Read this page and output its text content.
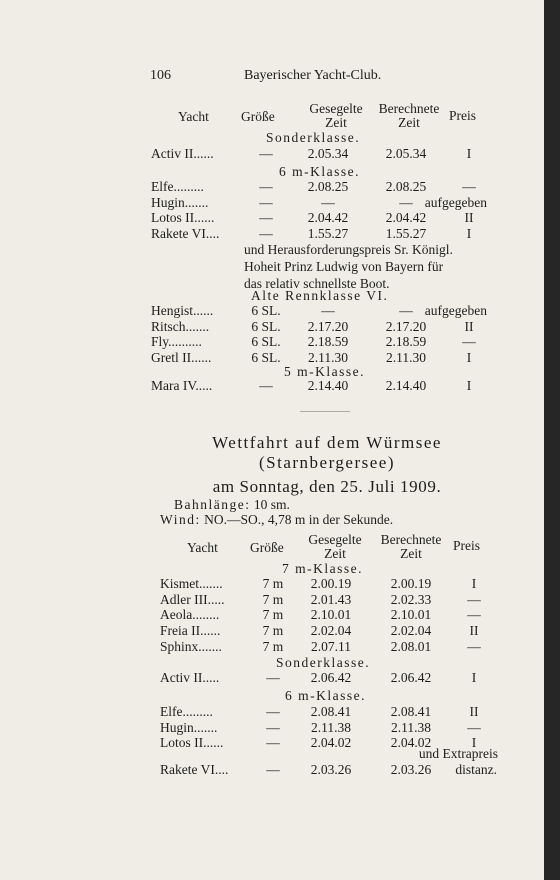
106	Bayerischer Yacht-Club.
Yacht Größe
Gesegelte
Zeit
Berechnete
Zeit	Preis
Sonderklasse.
Activ II......	—	2.05.34	2.05.34	I
6 m-Klasse.
Elfe.........	—	2.08.25	2.08.25	—
Hugin.......	—	—	— aufgegeben
Lotos II......	—	2.04.42	2.04.42	II
Rakete VI....	—	1.55.27	1.55.27	I
und Herausforderungspreis Sr. Königl.
Hoheit Prinz Ludwig von Bayern für
das relativ schnellste Boot.
Alte Rennklasse VI.
Hengist......	6 SL.	—	— aufgegeben
Ritsch.......	6 SL. 2.17.20	2.17.20	II
Fly..........	6 SL. 2.18.59	2.18.59	—
Gretl II......	6 SL. 2.11.30	2.11.30	I
5 m-Klasse.
Mara IV.....	—	2.14.40	2.14.40	I
Wettfahrt auf dem Würmsee
(Starnbergersee)
am Sonntag, den 25. Juli 1909.
Bahnlänge: 10 sm.
Wind: NO.—SO., 4,78 m in der Sekunde.
Yacht Größe
Gesegelte
Zeit
Berechnete
Zeit
Preis
7 m-Klasse.
Kismet.......	7 m 2.00.19	2.00.19	I
Adler III.....	7 m 2.01.43	2.02.33	—
Aeola........	7 m 2.10.01	2.10.01	—
Freia II......	7 m 2.02.04	2.02.04	II
Sphinx.......	7 m 2.07.11	2.08.01	—
Sonderklasse.
Activ II.....	— 2.06.42	2.06.42	I
6 m-Klasse.
Elfe.........	— 2.08.41	2.08.41	II
Hugin.......	— 2.11.38	2.11.38	—
Lotos II......	— 2.04.02	2.04.02	I
und Extrapreis
Rakete VI....	— 2.03.26	2.03.26 distanz.
